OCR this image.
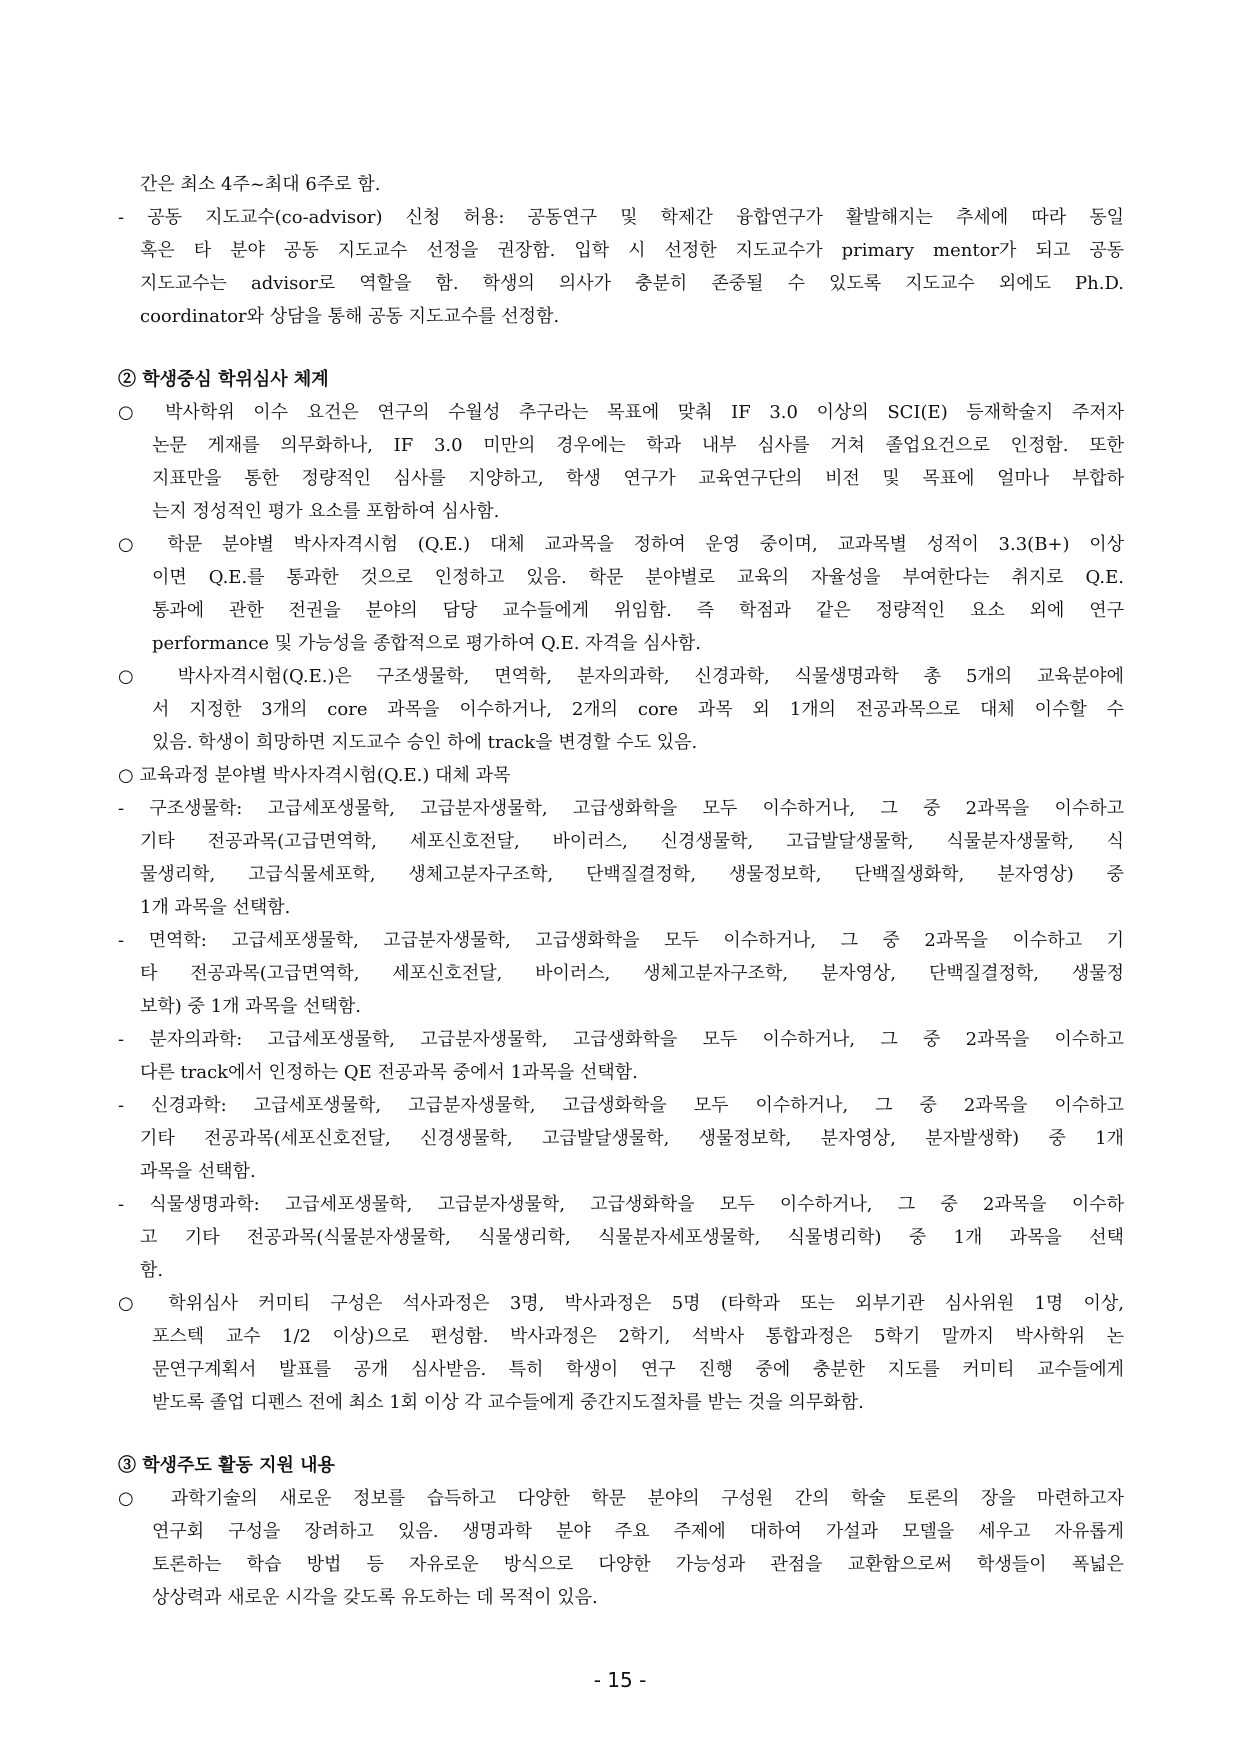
간은 최소 4주~최대 6주로 함.
- 공동 지도교수(co-advisor) 신청 허용: 공동연구 및 학제간 융합연구가 활발해지는 추세에 따라 동일
혹은 타 분야 공동 지도교수 선정을 권장함. 입학 시 선정한 지도교수가 primary mentor가 되고 공동
지도교수는 advisor로 역할을 함. 학생의 의사가 충분히 존중될 수 있도록 지도교수 외에도 Ph.D.
coordinator와 상담을 통해 공동 지도교수를 선정함.
② 학생중심 학위심사 체계
○ 박사학위 이수 요건은 연구의 수월성 추구라는 목표에 맞춰 IF 3.0 이상의 SCI(E) 등재학술지 주저자
논문 게재를 의무화하나, IF 3.0 미만의 경우에는 학과 내부 심사를 거쳐 졸업요건으로 인정함. 또한
지표만을 통한 정량적인 심사를 지양하고, 학생 연구가 교육연구단의 비전 및 목표에 얼마나 부합하
는지 정성적인 평가 요소를 포함하여 심사함.
○ 학문 분야별 박사자격시험 (Q.E.) 대체 교과목을 정하여 운영 중이며, 교과목별 성적이 3.3(B+) 이상
이면 Q.E.를 통과한 것으로 인정하고 있음. 학문 분야별로 교육의 자율성을 부여한다는 취지로 Q.E.
통과에 관한 전권을 분야의 담당 교수들에게 위임함. 즉 학점과 같은 정량적인 요소 외에 연구
performance 및 가능성을 종합적으로 평가하여 Q.E. 자격을 심사함.
○ 박사자격시험(Q.E.)은 구조생물학, 면역학, 분자의과학, 신경과학, 식물생명과학 총 5개의 교육분야에
서 지정한 3개의 core 과목을 이수하거나, 2개의 core 과목 외 1개의 전공과목으로 대체 이수할 수
있음. 학생이 희망하면 지도교수 승인 하에 track을 변경할 수도 있음.
○ 교육과정 분야별 박사자격시험(Q.E.) 대체 과목
- 구조생물학: 고급세포생물학, 고급분자생물학, 고급생화학을 모두 이수하거나, 그 중 2과목을 이수하고
기타 전공과목(고급면역학, 세포신호전달, 바이러스, 신경생물학, 고급발달생물학, 식물분자생물학, 식
물생리학, 고급식물세포학, 생체고분자구조학, 단백질결정학, 생물정보학, 단백질생화학, 분자영상) 중
1개 과목을 선택함.
- 면역학: 고급세포생물학, 고급분자생물학, 고급생화학을 모두 이수하거나, 그 중 2과목을 이수하고 기
타 전공과목(고급면역학, 세포신호전달, 바이러스, 생체고분자구조학, 분자영상, 단백질결정학, 생물정
보학) 중 1개 과목을 선택함.
- 분자의과학: 고급세포생물학, 고급분자생물학, 고급생화학을 모두 이수하거나, 그 중 2과목을 이수하고
다른 track에서 인정하는 QE 전공과목 중에서 1과목을 선택함.
- 신경과학: 고급세포생물학, 고급분자생물학, 고급생화학을 모두 이수하거나, 그 중 2과목을 이수하고
기타 전공과목(세포신호전달, 신경생물학, 고급발달생물학, 생물정보학, 분자영상, 분자발생학) 중 1개
과목을 선택함.
- 식물생명과학: 고급세포생물학, 고급분자생물학, 고급생화학을 모두 이수하거나, 그 중 2과목을 이수하
고 기타 전공과목(식물분자생물학, 식물생리학, 식물분자세포생물학, 식물병리학) 중 1개 과목을 선택
함.
○ 학위심사 커미티 구성은 석사과정은 3명, 박사과정은 5명 (타학과 또는 외부기관 심사위원 1명 이상,
포스텍 교수 1/2 이상)으로 편성함. 박사과정은 2학기, 석박사 통합과정은 5학기 말까지 박사학위 논
문연구계획서 발표를 공개 심사받음. 특히 학생이 연구 진행 중에 충분한 지도를 커미티 교수들에게
받도록 졸업 디펜스 전에 최소 1회 이상 각 교수들에게 중간지도절차를 받는 것을 의무화함.
③ 학생주도 활동 지원 내용
○ 과학기술의 새로운 정보를 습득하고 다양한 학문 분야의 구성원 간의 학술 토론의 장을 마련하고자
연구회 구성을 장려하고 있음. 생명과학 분야 주요 주제에 대하여 가설과 모델을 세우고 자유롭게
토론하는 학습 방법 등 자유로운 방식으로 다양한 가능성과 관점을 교환함으로써 학생들이 폭넓은
상상력과 새로운 시각을 갖도록 유도하는 데 목적이 있음.
- 15 -
